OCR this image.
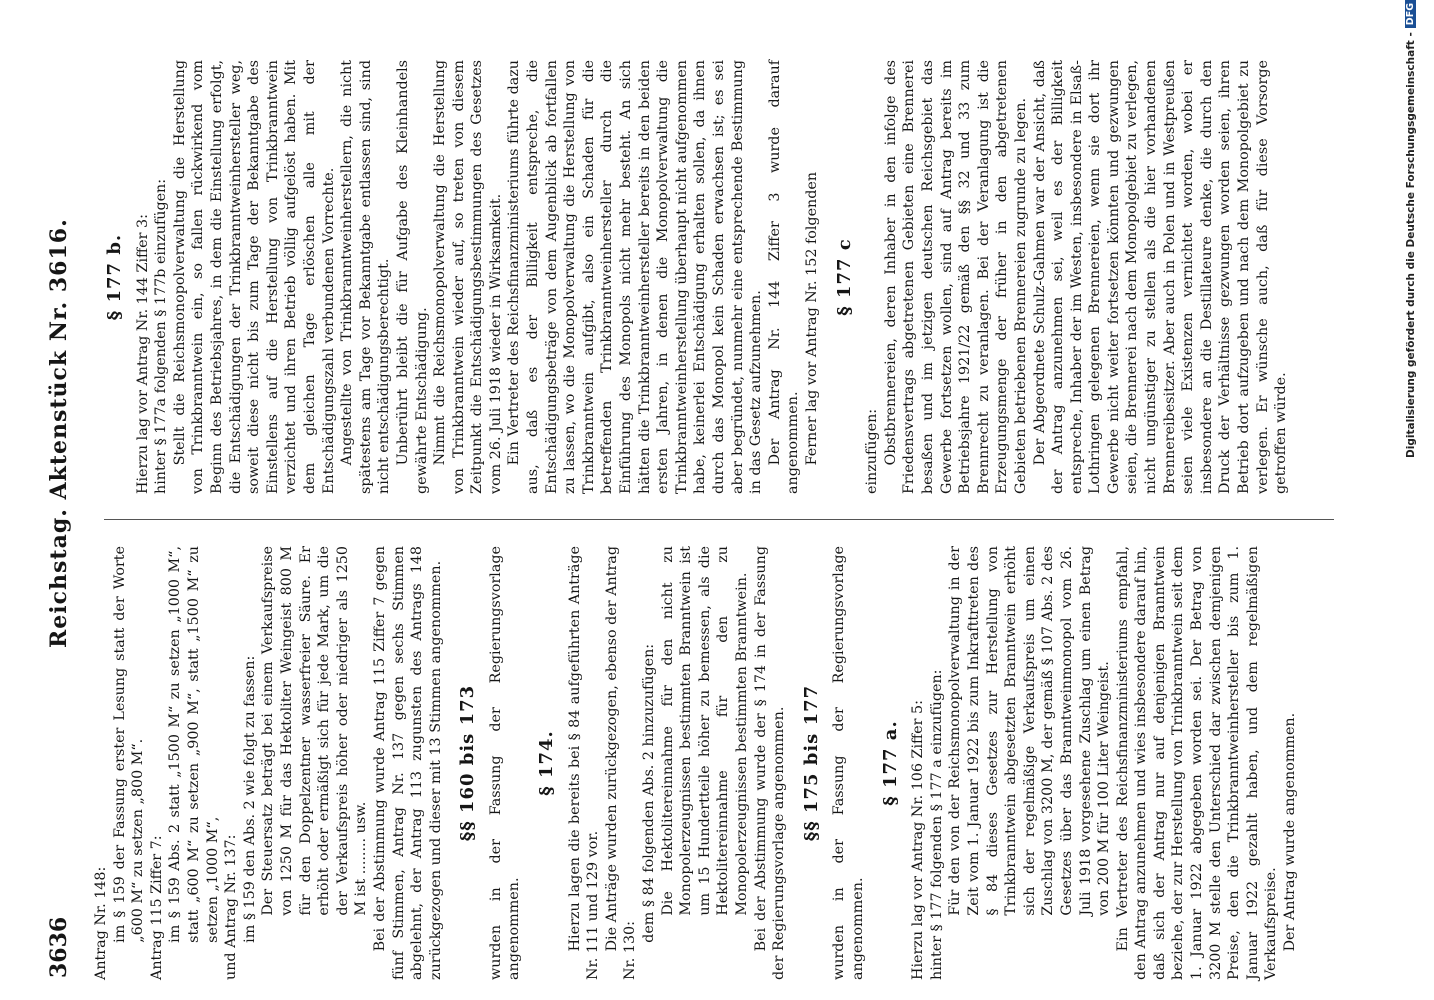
3636
Reichstag. Aktenstück Nr. 3616.

Antrag Nr. 148: im § 159 der Fassung erster Lesung statt der Worte „600 M“ zu setzen „800 M“. Antrag 115 Ziffer 7: im § 159 Abs. 2 statt „1500 M“ zu setzen „1000 M“, statt „600 M“ zu setzen „900 M“, statt „1500 M“ zu setzen „1000 M“, und Antrag Nr. 137: im § 159 den Abs. 2 wie folgt zu fassen: Der Steuersatz beträgt bei einem Verkaufspreise von 1250 M für das Hektoliter Weingeist 800 M für den Doppelzentner wasserfreier Säure. Er erhöht oder ermäßigt sich für jede Mark, um die der Verkaufspreis höher oder niedriger als 1250 M ist ........ usw. Bei der Abstimmung wurde Antrag 115 Ziffer 7 gegen fünf Stimmen, Antrag Nr. 137 gegen sechs Stimmen abgelehnt, der Antrag 113 zugunsten des Antrags 148 zurückgezogen und dieser mit 13 Stimmen angenommen. §§ 160 bis 173 wurden in der Fassung der Regierungsvorlage angenommen.

§ 174. Hierzu lagen die bereits bei § 84 aufgeführten Anträge Nr. 111 und 129 vor. Die Anträge wurden zurückgezogen, ebenso der Antrag Nr. 130:

dem § 84 folgenden Abs. 2 hinzuzufügen: Die Hektolitereinnahme für den nicht zu Monopolerzeugnissen bestimmten Branntwein ist um 15 Hundertteile höher zu bemessen, als die Hektolitereinnahme für den zu Monopolerzeugnissen bestimmten Branntwein. Bei der Abstimmung wurde der § 174 in der Fassung der Regierungsvorlage angenommen. §§ 175 bis 177 wurden in der Fassung der Regierungsvorlage angenommen.

§ 177 a. Hierzu lag vor Antrag Nr. 106 Ziffer 5: hinter § 177 folgenden § 177 a einzufügen: Für den von der Reichsmonopolverwaltung in der Zeit vom 1. Januar 1922 bis zum Inkrafttreten des § 84 dieses Gesetzes zur Herstellung von Trinkbranntwein abgesetzten Branntwein erhöht sich der regelmäßige Verkaufspreis um einen Zuschlag von 3200 M, der gemäß § 107 Abs. 2 des Gesetzes über das Branntweinmonopol vom 26. Juli 1918 vorgesehene Zuschlag um einen Betrag von 200 M für 100 Liter Weingeist. Ein Vertreter des Reichsfinanzministeriums empfahl, den Antrag anzunehmen und wies insbesondere darauf hin, daß sich der Antrag nur auf denjenigen Branntwein beziehe, der zur Herstellung von Trinkbranntwein seit dem 1. Januar 1922 abgegeben worden sei. Der Betrag von 3200 M stelle den Unterschied dar zwischen demjenigen Preise, den die Trinkbranntweinhersteller bis zum 1. Januar 1922 gezahlt haben, und dem regelmäßigen Verkaufspreise. Der Antrag wurde angenommen.

§ 177 b. Hierzu lag vor Antrag Nr. 144 Ziffer 3: hinter § 177a folgenden § 177b einzufügen: Stellt die Reichsmonopolverwaltung die Herstellung von Trinkbranntwein ein, so fallen rückwirkend vom Beginn des Betriebsjahres, in dem die Einstellung erfolgt, die Entschädigungen der Trinkbranntweinhersteller weg, soweit diese nicht bis zum Tage der Bekanntgabe des Einstellens auf die Herstellung von Trinkbranntwein verzichtet und ihren Betrieb völlig aufgelöst haben. Mit dem gleichen Tage erlöschen alle mit der Entschädigungszahl verbundenen Vorrechte. Angestellte von Trinkbranntweinherstellern, die nicht spätestens am Tage vor Bekanntgabe entlassen sind, sind nicht entschädigungsberechtigt. Unberührt bleibt die für Aufgabe des Kleinhandels gewährte Entschädigung. Nimmt die Reichsmonopolverwaltung die Herstellung von Trinkbranntwein wieder auf, so treten von diesem Zeitpunkt die Entschädigungsbestimmungen des Gesetzes vom 26. Juli 1918 wieder in Wirksamkeit. Ein Vertreter des Reichsfinanzministeriums führte dazu aus, daß es der Billigkeit entspreche, die Entschädigungsbeträge von dem Augenblick ab fortfallen zu lassen, wo die Monopolverwaltung die Herstellung von Trinkbranntwein aufgibt, also ein Schaden für die betreffenden Trinkbranntweinhersteller durch die Einführung des Monopols nicht mehr besteht. An sich hätten die Trinkbranntweinhersteller bereits in den beiden ersten Jahren, in denen die Monopolverwaltung die Trinkbranntweinherstellung überhaupt nicht aufgenommen habe, keinerlei Entschädigung erhalten sollen, da ihnen durch das Monopol kein Schaden erwachsen ist; es sei aber begründet, nunmehr eine entsprechende Bestimmung in das Gesetz aufzunehmen. Der Antrag Nr. 144 Ziffer 3 wurde darauf angenommen. Ferner lag vor Antrag Nr. 152 folgenden § 177 c

einzufügen: Obstbrennereien, deren Inhaber in den infolge des Friedensvertrags abgetretenen Gebieten eine Brennerei besaßen und im jetzigen deutschen Reichsgebiet das Gewerbe fortsetzen wollen, sind auf Antrag bereits im Betriebsjahre 1921/22 gemäß den §§ 32 und 33 zum Brennrecht zu veranlagen. Bei der Veranlagung ist die Erzeugungsmenge der früher in den abgetretenen Gebieten betriebenen Brennereien zugrunde zu legen. Der Abgeordnete Schulz-Gahmen war der Ansicht, daß der Antrag anzunehmen sei, weil es der Billigkeit entspreche, Inhaber der im Westen, insbesondere in Elsaß-Lothringen gelegenen Brennereien, wenn sie dort ihr Gewerbe nicht weiter fortsetzen könnten und gezwungen seien, die Brennerei nach dem Monopolgebiet zu verlegen, nicht ungünstiger zu stellen als die hier vorhandenen Brennereibesitzer. Aber auch in Polen und in Westpreußen seien viele Existenzen vernichtet worden, wobei er insbesondere an die Destillateure denke, die durch den Druck der Verhältnisse gezwungen worden seien, ihren Betrieb dort aufzugeben und nach dem Monopolgebiet zu verlegen. Er wünsche auch, daß für diese Vorsorge getroffen würde.	Digitalisierung gefördert durch die Deutsche Forschungsgemeinschaft -DFG
